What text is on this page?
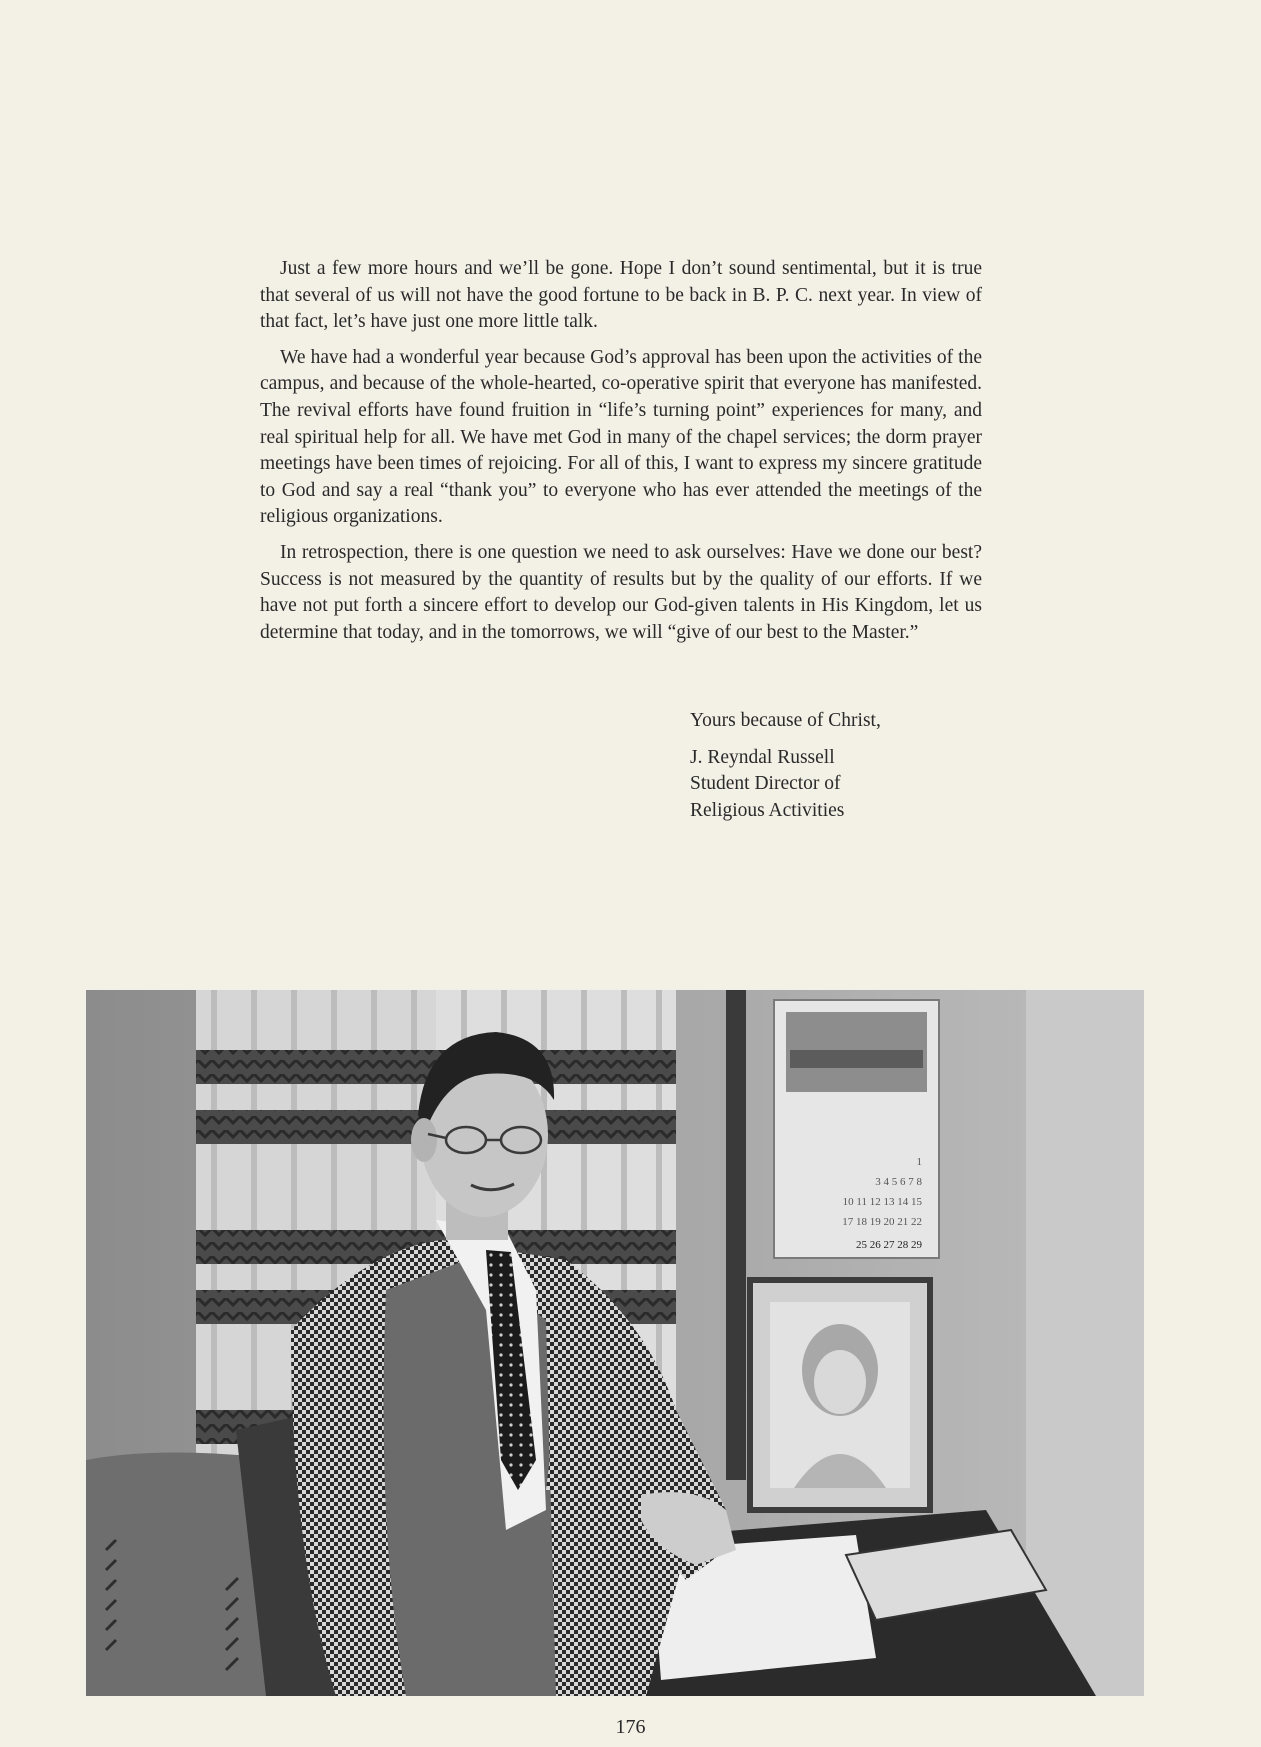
Just a few more hours and we’ll be gone. Hope I don’t sound sentimental, but it is true that several of us will not have the good fortune to be back in B. P. C. next year. In view of that fact, let’s have just one more little talk.

We have had a wonderful year because God’s approval has been upon the activities of the campus, and because of the whole-hearted, co-operative spirit that everyone has manifested. The revival efforts have found fruition in “life’s turning point” experiences for many, and real spiritual help for all. We have met God in many of the chapel services; the dorm prayer meetings have been times of rejoicing. For all of this, I want to express my sincere gratitude to God and say a real “thank you” to everyone who has ever attended the meetings of the religious organizations.

In retrospection, there is one question we need to ask ourselves: Have we done our best? Success is not measured by the quantity of results but by the quality of our efforts. If we have not put forth a sincere effort to develop our God-given talents in His Kingdom, let us determine that today, and in the tomorrows, we will “give of our best to the Master.”

Yours because of Christ,
J. Reyndal Russell
Student Director of
Religious Activities
1
3 4 5 6 7 8
10 11 12 13 14 15
17 18 19 20 21 22
25 26 27 28 29
176
